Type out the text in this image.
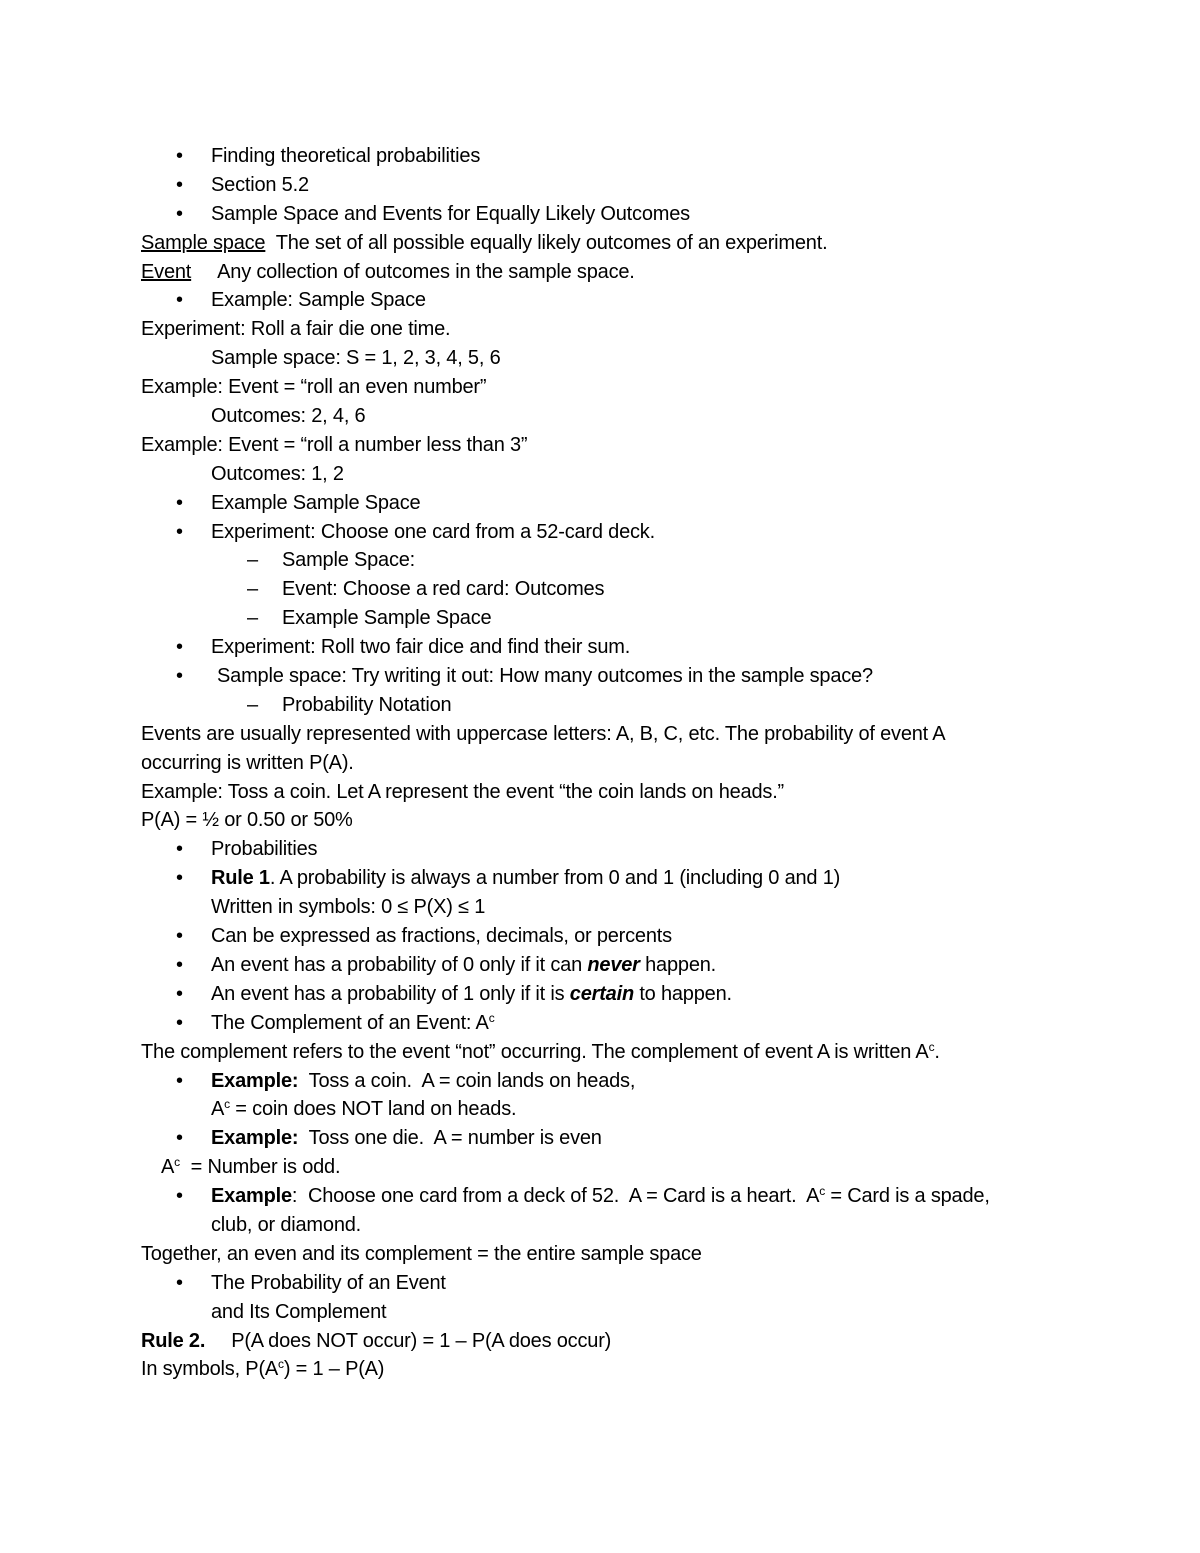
• Finding theoretical probabilities
• Section 5.2
• Sample Space and Events for Equally Likely Outcomes
Sample space  The set of all possible equally likely outcomes of an experiment.
Event Any collection of outcomes in the sample space.
• Example: Sample Space
Experiment: Roll a fair die one time.
Sample space: S = 1, 2, 3, 4, 5, 6
Example: Event = “roll an even number”
Outcomes: 2, 4, 6
Example: Event = “roll a number less than 3”
Outcomes: 1, 2
• Example Sample Space
• Experiment: Choose one card from a 52-card deck.
– Sample Space:
– Event: Choose a red card: Outcomes
– Example Sample Space
• Experiment: Roll two fair dice and find their sum.
• Sample space: Try writing it out: How many outcomes in the sample space?
– Probability Notation
Events are usually represented with uppercase letters: A, B, C, etc. The probability of event A
occurring is written P(A).
Example: Toss a coin. Let A represent the event “the coin lands on heads.”
P(A) = ½ or 0.50 or 50%
• Probabilities
• Rule 1. A probability is always a number from 0 and 1 (including 0 and 1)
Written in symbols: 0 ≤ P(X) ≤ 1
• Can be expressed as fractions, decimals, or percents
• An event has a probability of 0 only if it can never happen.
• An event has a probability of 1 only if it is certain to happen.
• The Complement of an Event: $A^c$
The complement refers to the event “not” occurring. The complement of event A is written $A^c$.
• Example:  Toss a coin.  A = coin lands on heads,
$A^c$ = coin does NOT land on heads.
• Example:  Toss one die.  A = number is even
$A^c$  = Number is odd.
• Example:  Choose one card from a deck of 52.  A = Card is a heart.  $A^c$ = Card is a spade,
club, or diamond.
Together, an even and its complement = the entire sample space
• The Probability of an Event
and Its Complement
Rule 2. P(A does NOT occur) = 1 – P(A does occur)
In symbols, $P(A^c) = 1 - P(A)$
